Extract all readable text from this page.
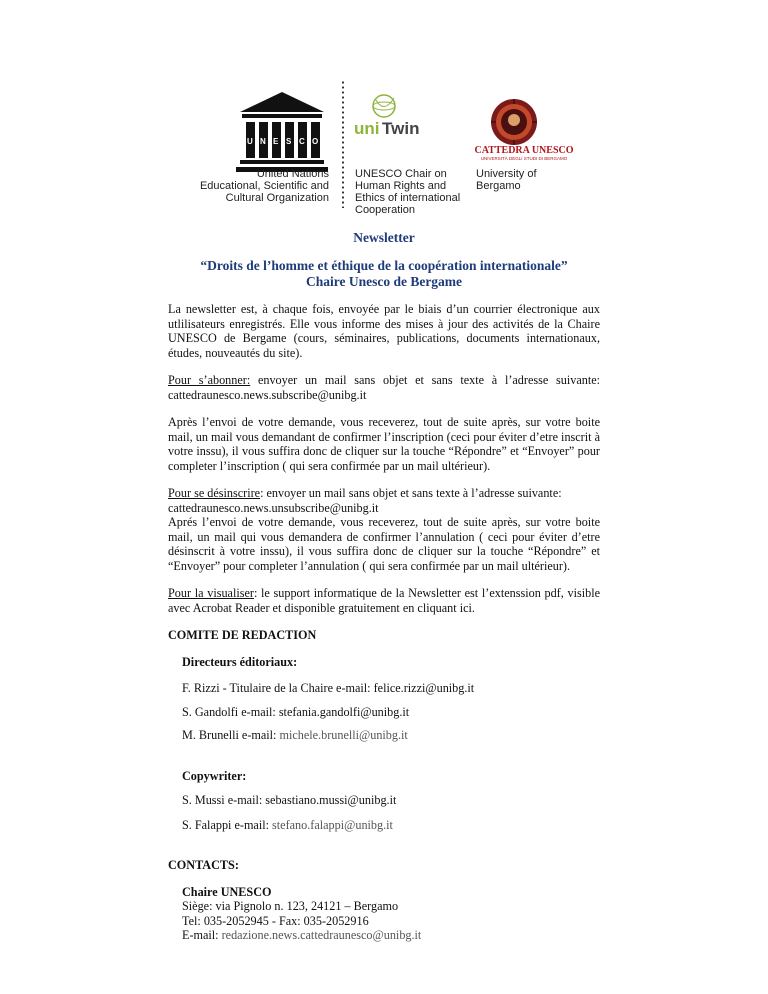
U N E S C O
United Nations
Educational, Scientific and
Cultural Organization
uni Twin
UNESCO Chair on
Human Rights and
Ethics of international
Cooperation
CATTEDRA UNESCO
UNIVERSITÀ DEGLI STUDI DI BERGAMO
University of
Bergamo
Newsletter
“Droits de l’homme et éthique de la coopération internationale”
Chaire Unesco de Bergame

La newsletter est, à chaque fois, envoyée par le biais d’un courrier électronique aux utlilisateurs enregistrés. Elle vous informe des mises à jour des activités de la Chaire UNESCO de Bergame (cours, séminaires, publications, documents internationaux, études, nouveautés du site).

Pour s’abonner: envoyer un mail sans objet et sans texte à l’adresse suivante: cattedraunesco.news.subscribe@unibg.it

Après l’envoi de votre demande, vous receverez, tout de suite après, sur votre boite mail, un mail vous demandant de confirmer l’inscription (ceci pour éviter d’etre inscrit à votre inssu), il vous suffira donc de cliquer sur la touche “Répondre” et “Envoyer” pour completer l’inscription ( qui sera confirmée par un mail ultérieur).

Pour se désinscrire: envoyer un mail sans objet et sans texte à l’adresse suivante:
cattedraunesco.news.unsubscribe@unibg.it
Aprés l’envoi de votre demande, vous receverez, tout de suite après, sur votre boite mail, un mail qui vous demandera de confirmer l’annulation ( ceci pour éviter d’etre désinscrit à votre inssu), il vous suffira donc de cliquer sur la touche “Répondre” et “Envoyer” pour completer l’annulation ( qui sera confirmée par un mail ultérieur).

Pour la visualiser: le support informatique de la Newsletter est l’extenssion pdf, visible avec Acrobat Reader et disponible gratuitement en cliquant ici.

COMITE DE REDACTION

Directeurs éditoriaux:

F. Rizzi - Titulaire de la Chaire e-mail: felice.rizzi@unibg.it

S. Gandolfi e-mail: stefania.gandolfi@unibg.it

M. Brunelli e-mail: michele.brunelli@unibg.it

Copywriter:

S. Mussi e-mail: sebastiano.mussi@unibg.it

S. Falappi e-mail: stefano.falappi@unibg.it

CONTACTS:

Chaire UNESCO
Siège: via Pignolo n. 123, 24121 – Bergamo
Tel: 035-2052945 - Fax: 035-2052916
E-mail: redazione.news.cattedraunesco@unibg.it
